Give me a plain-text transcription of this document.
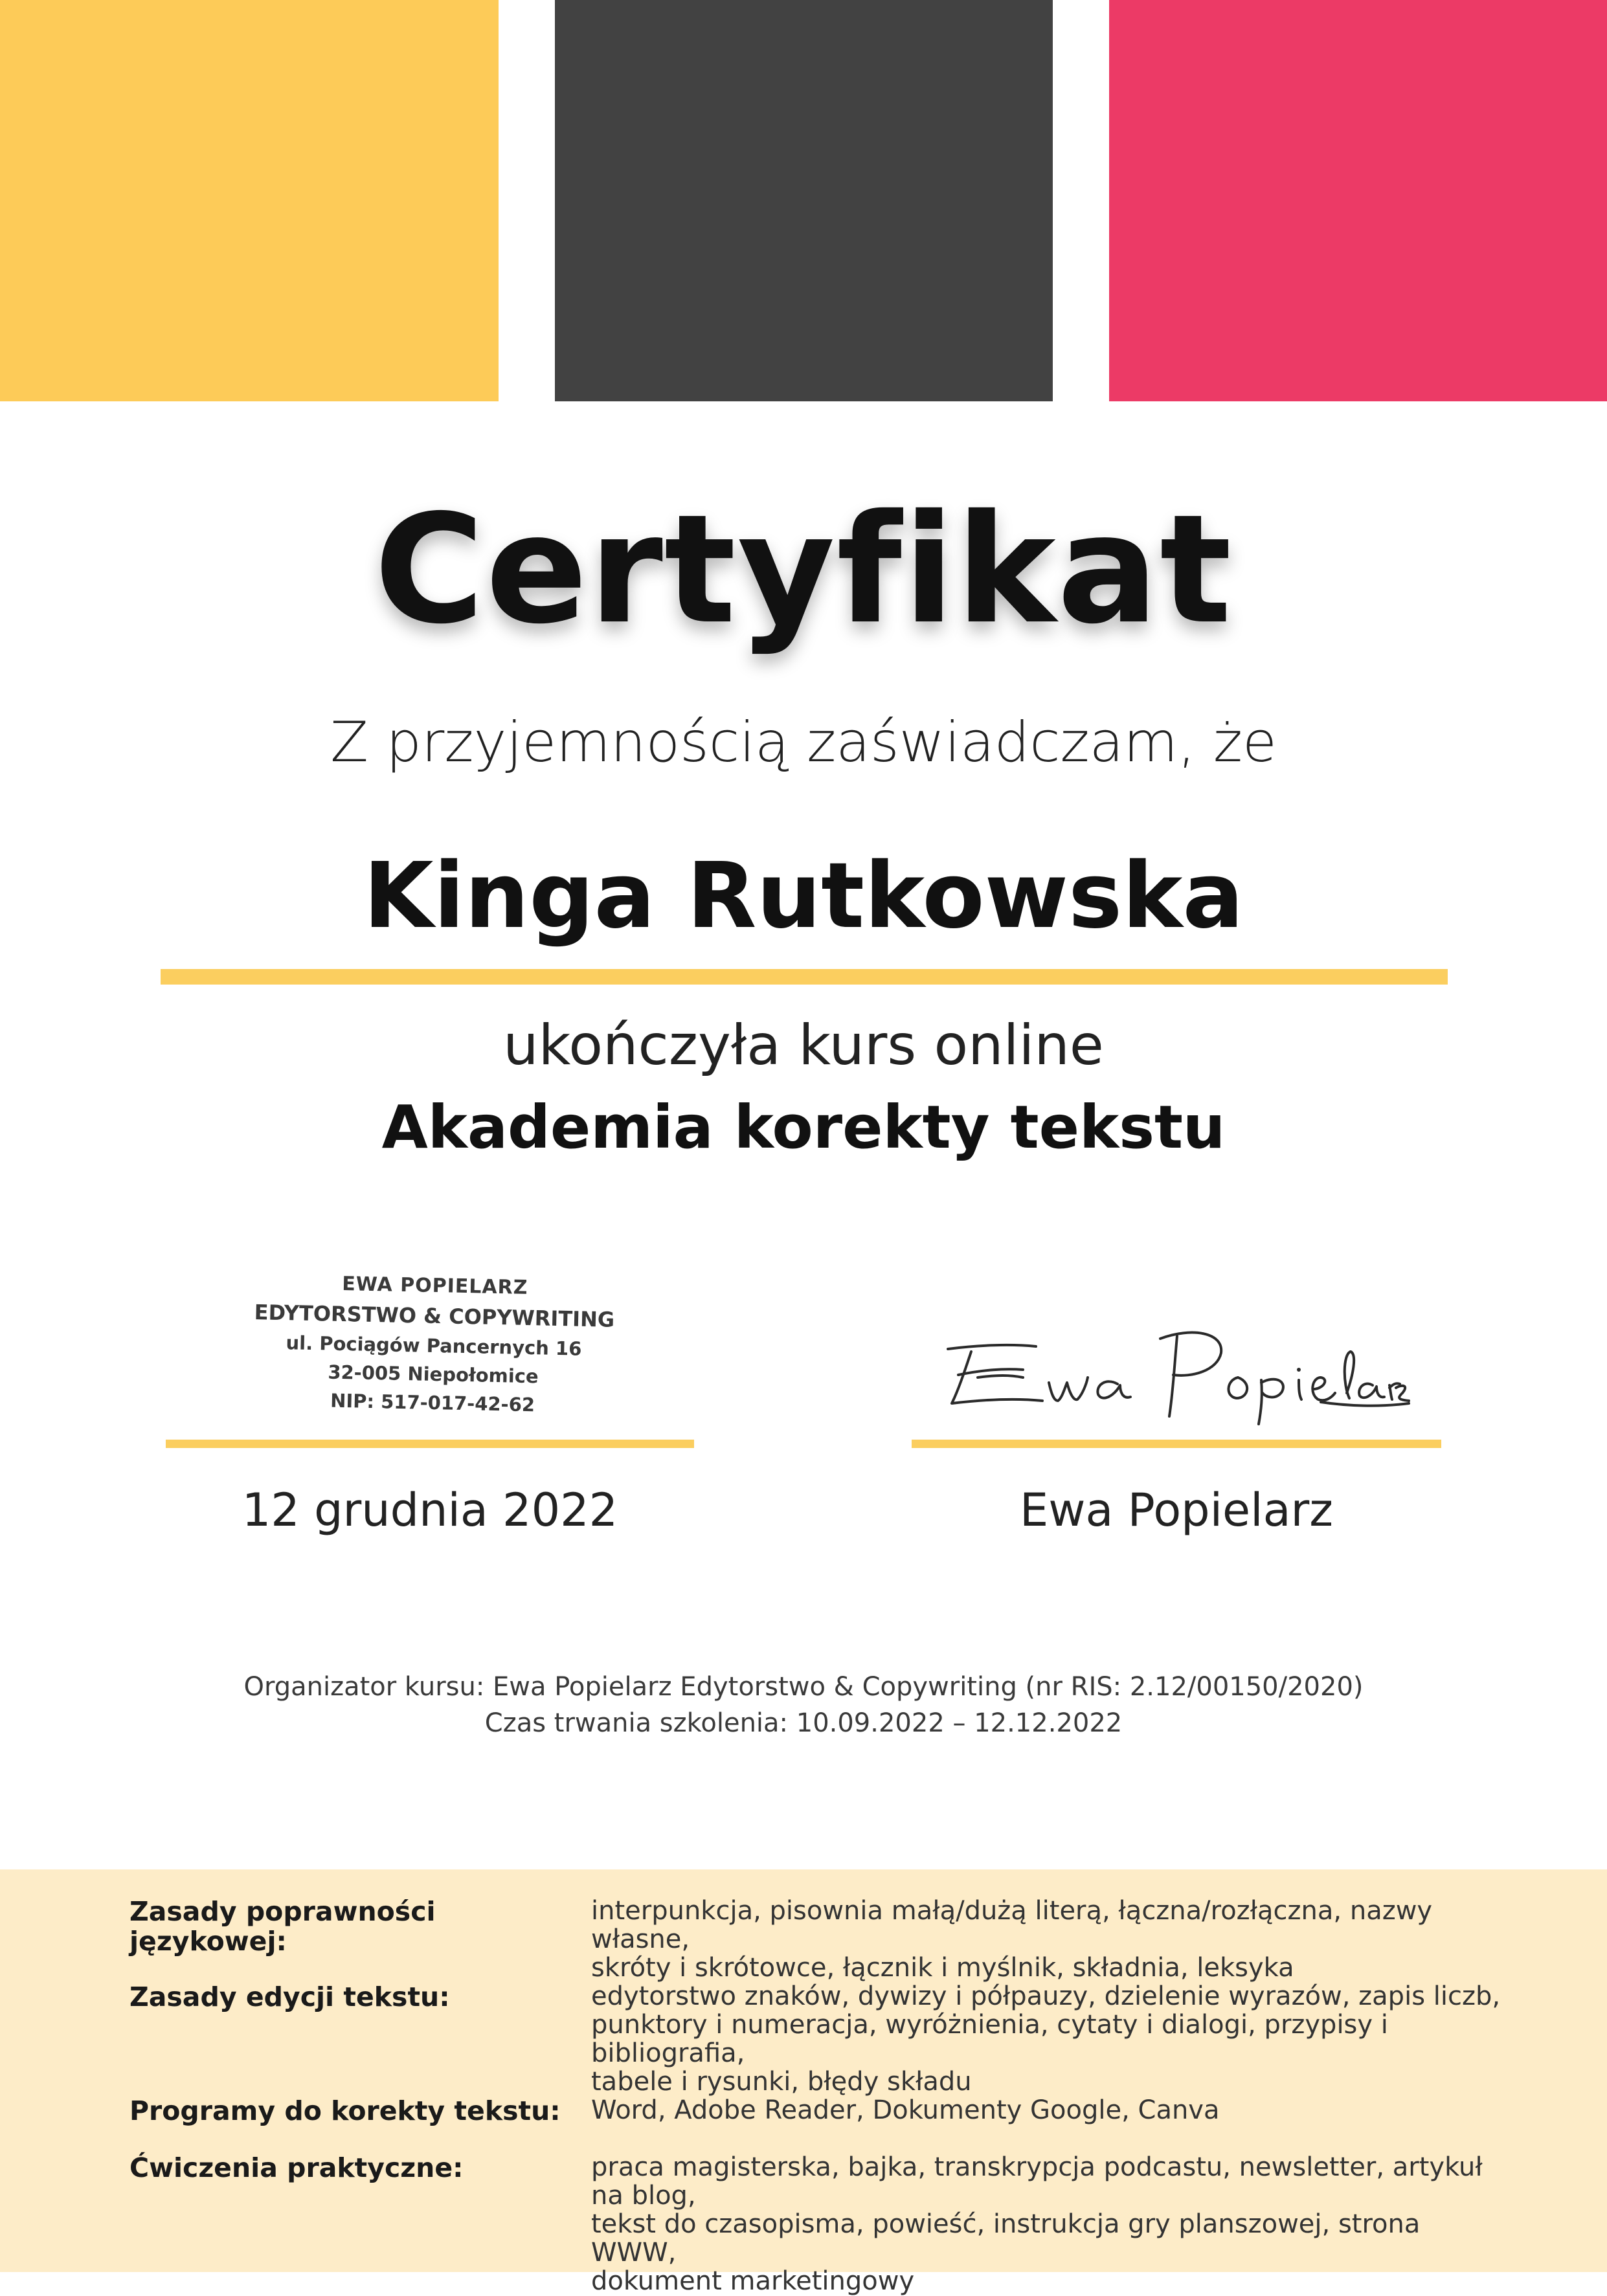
Certyfikat
Z przyjemnością zaświadczam, że
Kinga Rutkowska
ukończyła kurs online
Akademia korekty tekstu
EWA POPIELARZ
EDYTORSTWO & COPYWRITING
ul. Pociągów Pancernych 16
32-005 Niepołomice
NIP: 517-017-42-62
12 grudnia 2022	Ewa Popielarz
Organizator kursu: Ewa Popielarz Edytorstwo & Copywriting (nr RIS: 2.12/00150/2020)
Czas trwania szkolenia: 10.09.2022 – 12.12.2022
Zasady poprawności językowej:
interpunkcja, pisownia małą/dużą literą, łączna/rozłączna, nazwy własne,
skróty i skrótowce, łącznik i myślnik, składnia, leksyka
Zasady edycji tekstu:	edytorstwo znaków, dywizy i półpauzy, dzielenie wyrazów, zapis liczb,
punktory i numeracja, wyróżnienia, cytaty i dialogi, przypisy i bibliografia,
tabele i rysunki, błędy składu
Programy do korekty tekstu:	Word, Adobe Reader, Dokumenty Google, Canva
Ćwiczenia praktyczne:	praca magisterska, bajka, transkrypcja podcastu, newsletter, artykuł na blog,
tekst do czasopisma, powieść, instrukcja gry planszowej, strona WWW,
dokument marketingowy
